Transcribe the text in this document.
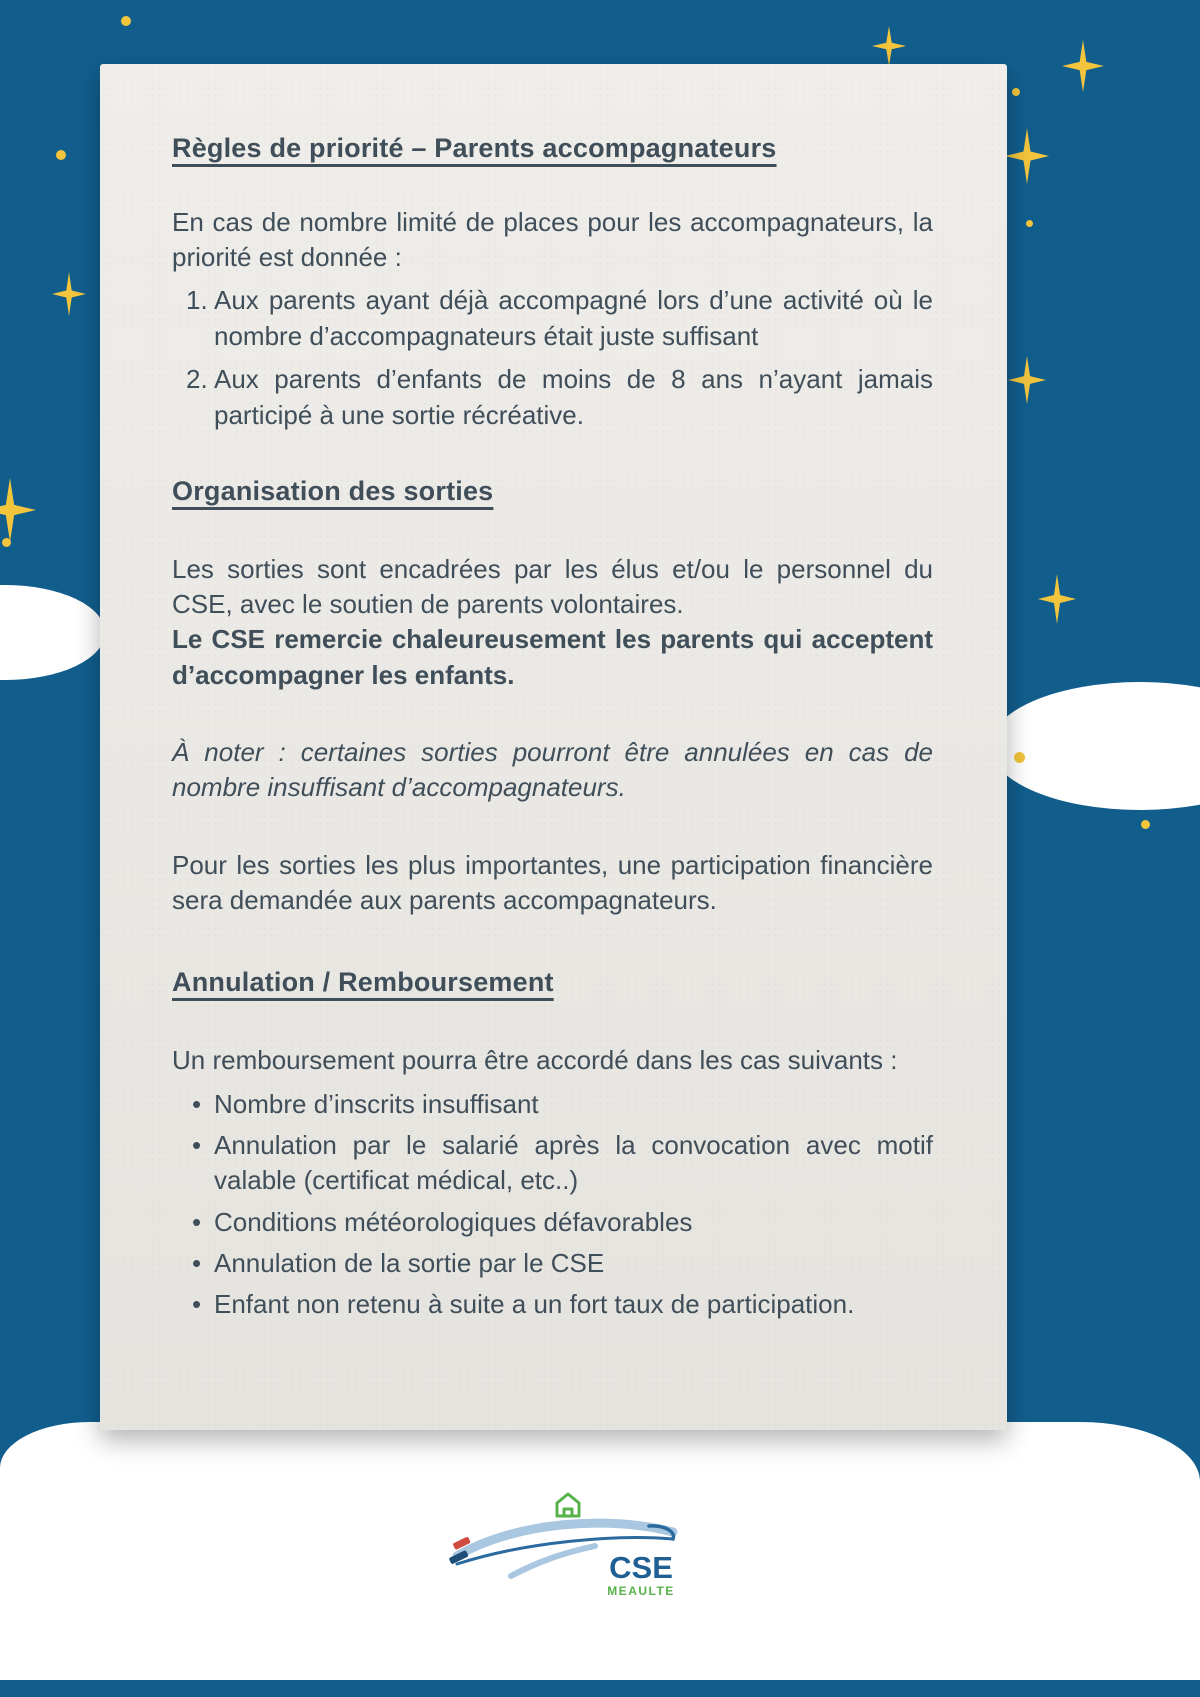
Règles de priorité – Parents accompagnateurs

En cas de nombre limité de places pour les accompagnateurs, la priorité est donnée :

1. Aux parents ayant déjà accompagné lors d’une activité où le nombre d’accompagnateurs était juste suffisant
2. Aux parents d’enfants de moins de 8 ans n’ayant jamais participé à une sortie récréative.
Organisation des sorties

Les sorties sont encadrées par les élus et/ou le personnel du CSE, avec le soutien de parents volontaires.

Le CSE remercie chaleureusement les parents qui acceptent d’accompagner les enfants.

À noter : certaines sorties pourront être annulées en cas de nombre insuffisant d’accompagnateurs.

Pour les sorties les plus importantes, une participation financière sera demandée aux parents accompagnateurs.

Annulation / Remboursement

Un remboursement pourra être accordé dans les cas suivants :

• Nombre d’inscrits insuffisant
• Annulation par le salarié après la convocation avec motif valable (certificat médical, etc..)
• Conditions météorologiques défavorables
• Annulation de la sortie par le CSE
• Enfant non retenu à suite a un fort taux de participation.
CSE
MEAULTE
